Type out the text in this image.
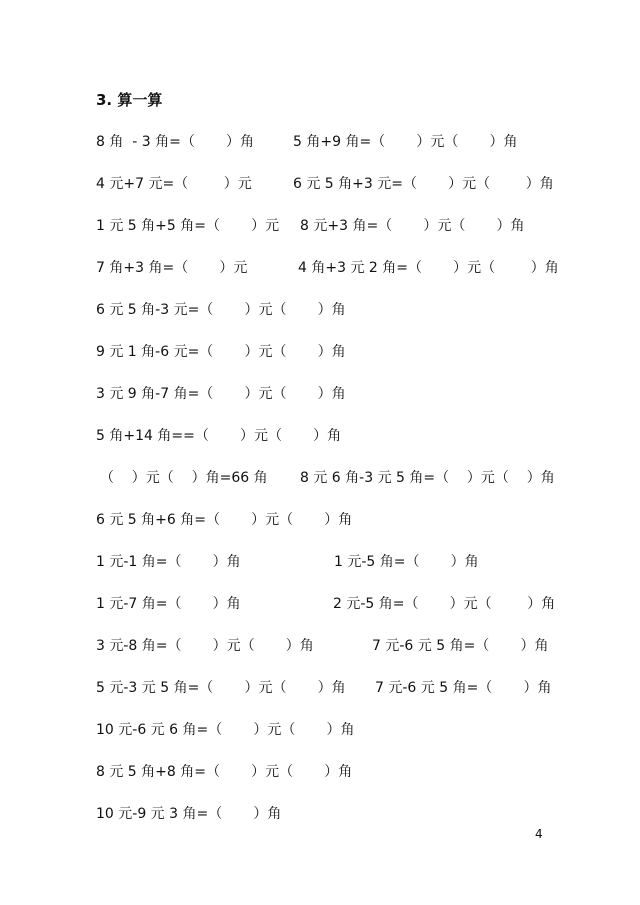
3. 算一算
8 角  - 3 角=（       ）角	5 角+9 角=（       ）元（       ）角
4 元+7 元=（        ）元	6 元 5 角+3 元=（       ）元（        ）角
1 元 5 角+5 角=（       ）元 8 元+3 角=（       ）元（       ）角
7 角+3 角=（       ）元	4 角+3 元 2 角=（       ）元（        ）角
6 元 5 角-3 元=（       ）元（       ）角
9 元 1 角-6 元=（       ）元（       ）角
3 元 9 角-7 角=（       ）元（       ）角
5 角+14 角==（       ）元（       ）角
（    ）元（    ）角=66 角 8 元 6 角-3 元 5 角=（    ）元（    ）角
6 元 5 角+6 角=（       ）元（       ）角
1 元-1 角=（       ）角	1 元-5 角=（       ）角
1 元-7 角=（       ）角	2 元-5 角=（       ）元（        ）角
3 元-8 角=（       ）元（       ）角	7 元-6 元 5 角=（       ）角
5 元-3 元 5 角=（       ）元（       ）角 7 元-6 元 5 角=（       ）角
10 元-6 元 6 角=（       ）元（       ）角
8 元 5 角+8 角=（       ）元（       ）角
10 元-9 元 3 角=（       ）角
4
